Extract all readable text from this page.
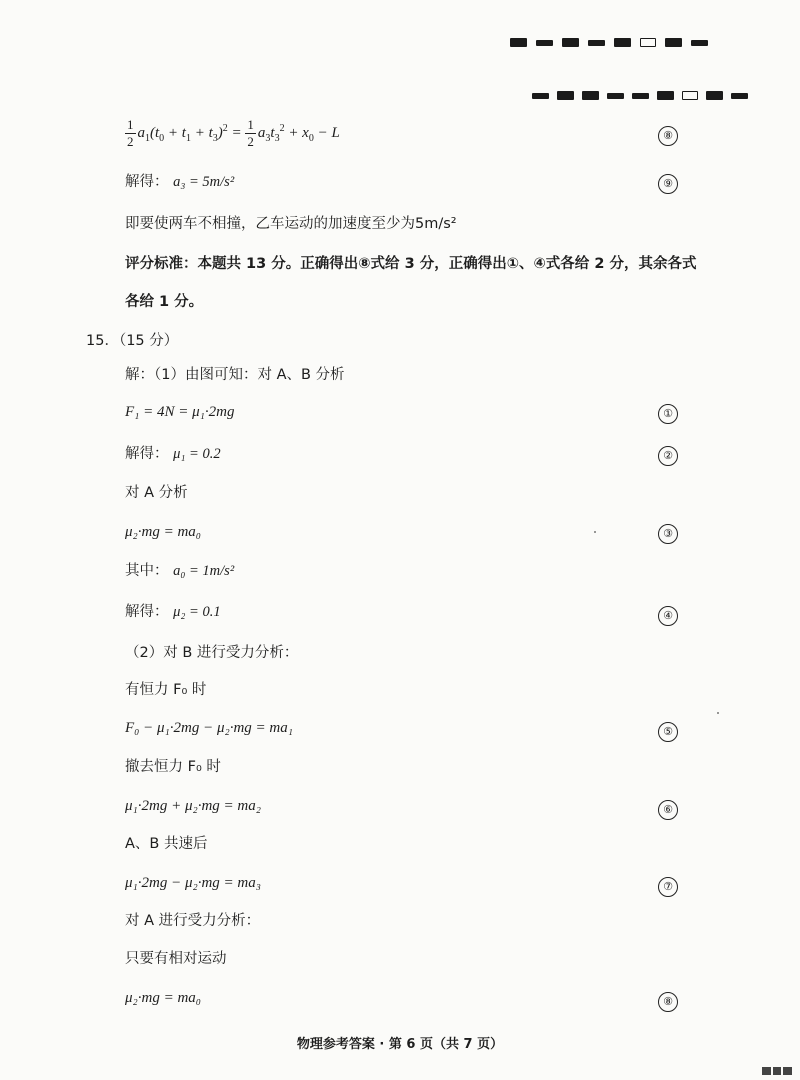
$\frac{1}{2} a_1(t_0 + t_1 + t_3)^2 = \frac{1}{2} a_3t_3^2 + x_0 - L$	⑧
解得： a₃ = 5m/s²	⑨
即要使两车不相撞，乙车运动的加速度至少为5m/s²
评分标准：本题共 13 分。正确得出⑧式给 3 分，正确得出①、④式各给 2 分，其余各式
各给 1 分。
15．（15 分）
解：（1）由图可知：对 A、B 分析
F₁ = 4N = μ₁·2mg	①
解得： μ₁ = 0.2	②
对 A 分析
μ₂·mg = ma₀	③
其中： a₀ = 1m/s²
解得： μ₂ = 0.1	④
（2）对 B 进行受力分析：
有恒力 F₀ 时
F₀ − μ₁·2mg − μ₂·mg = ma₁	⑤
撤去恒力 F₀ 时
μ₁·2mg + μ₂·mg = ma₂	⑥
A、B 共速后
μ₁·2mg − μ₂·mg = ma₃	⑦
对 A 进行受力分析：
只要有相对运动
μ₂·mg = ma₀	⑧
物理参考答案 · 第 6 页（共 7 页）
